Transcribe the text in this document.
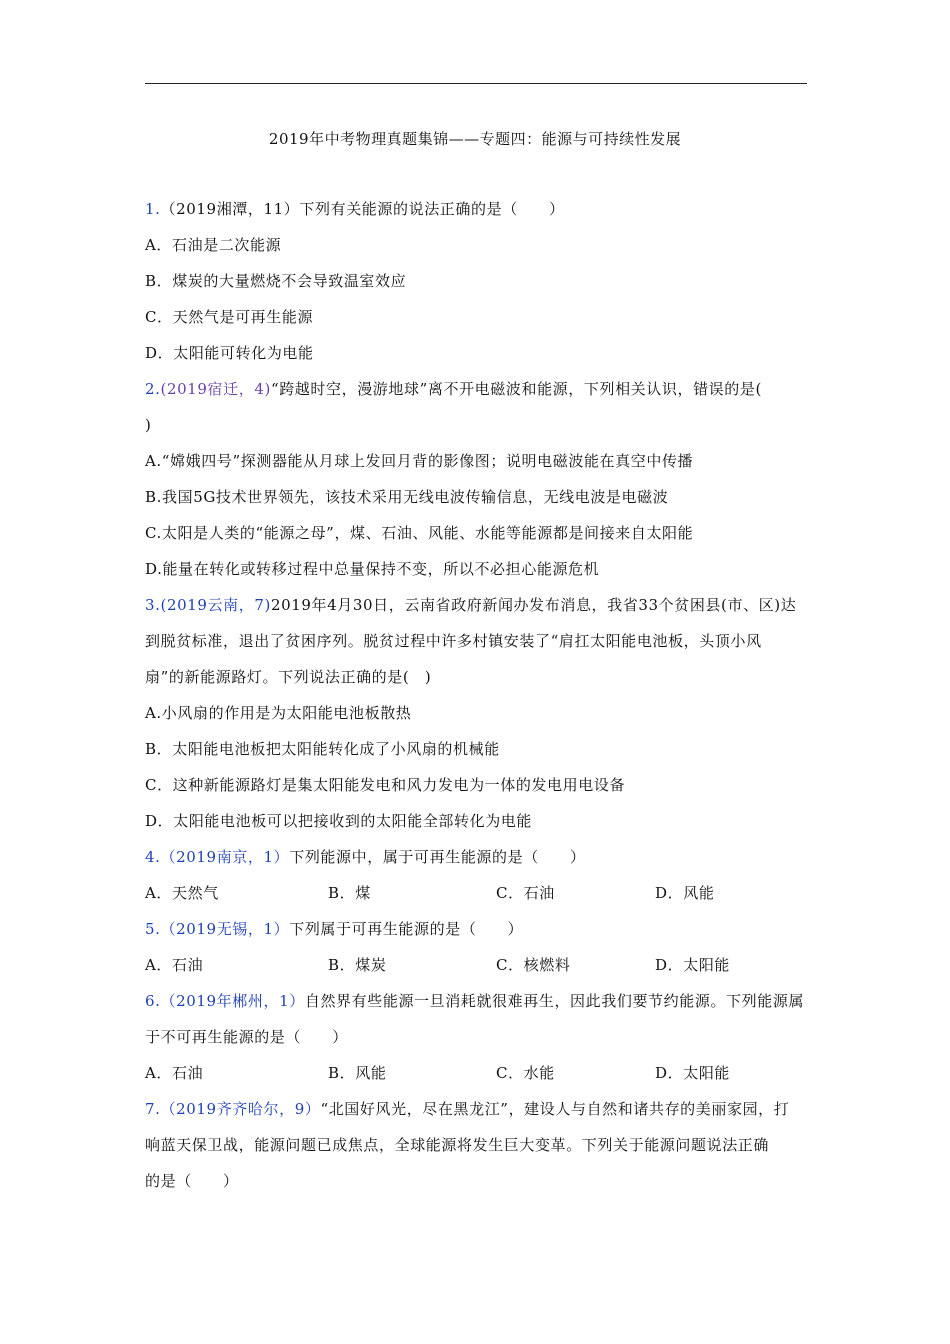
2019年中考物理真题集锦——专题四：能源与可持续性发展
1.（2019湘潭，11）下列有关能源的说法正确的是（　　）
A．石油是二次能源
B．煤炭的大量燃烧不会导致温室效应
C．天然气是可再生能源
D．太阳能可转化为电能
2.(2019宿迁，4)“跨越时空，漫游地球”离不开电磁波和能源，下列相关认识，错误的是(
)
A.“嫦娥四号”探测器能从月球上发回月背的影像图；说明电磁波能在真空中传播
B.我国5G技术世界领先，该技术采用无线电波传输信息，无线电波是电磁波
C.太阳是人类的“能源之母”，煤、石油、风能、水能等能源都是间接来自太阳能
D.能量在转化或转移过程中总量保持不变，所以不必担心能源危机
3.(2019云南，7)2019年4月30日，云南省政府新闻办发布消息，我省33个贫困县(市、区)达
到脱贫标准，退出了贫困序列。脱贫过程中许多村镇安装了“肩扛太阳能电池板，头顶小风
扇”的新能源路灯。下列说法正确的是(　)
A.小风扇的作用是为太阳能电池板散热
B．太阳能电池板把太阳能转化成了小风扇的机械能
C．这种新能源路灯是集太阳能发电和风力发电为一体的发电用电设备
D．太阳能电池板可以把接收到的太阳能全部转化为电能
4.（2019南京，1）下列能源中，属于可再生能源的是（　　）
A．天然气	B．煤	C．石油	D．风能
5.（2019无锡，1）下列属于可再生能源的是（　　）
A．石油	B．煤炭	C．核燃料	D．太阳能
6.（2019年郴州，1）自然界有些能源一旦消耗就很难再生，因此我们要节约能源。下列能源属
于不可再生能源的是（　　）
A．石油	B．风能	C．水能	D．太阳能
7.（2019齐齐哈尔，9）“北国好风光，尽在黑龙江”，建设人与自然和诸共存的美丽家园，打
响蓝天保卫战，能源问题已成焦点，全球能源将发生巨大变革。下列关于能源问题说法正确
的是（　　）
